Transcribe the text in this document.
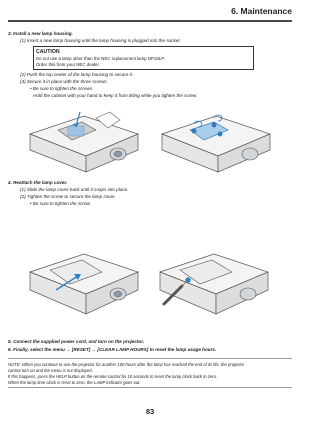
6. Maintenance
3. Install a new lamp housing.
(1) Insert a new lamp housing until the lamp housing is plugged into the socket.
CAUTION
Do not use a lamp other than the NEC replacement lamp NP18LP.
Order this from your NEC dealer.
(2) Push the top center of the lamp housing to secure it.
(3) Secure it in place with the three screws.
• Be sure to tighten the screws.
Hold the cabinet with your hand to keep it from tilting while you tighten the screw.
4. Reattach the lamp cover.
(1) Slide the lamp cover back until it snaps into place.
(2) Tighten the screw to secure the lamp cover.
• Be sure to tighten the screw.
5. Connect the supplied power cord, and turn on the projector.
6. Finally, select the menu → [RESET] → [CLEAR LAMP HOURS] to reset the lamp usage hours.
NOTE: When you continue to use the projector for another 100 hours after the lamp has reached the end of its life, the projector
cannot turn on and the menu is not displayed.
If this happens, press the HELP button on the remote control for 10 seconds to reset the lamp clock back to zero.
When the lamp time clock is reset to zero, the LAMP indicator goes out.
83
